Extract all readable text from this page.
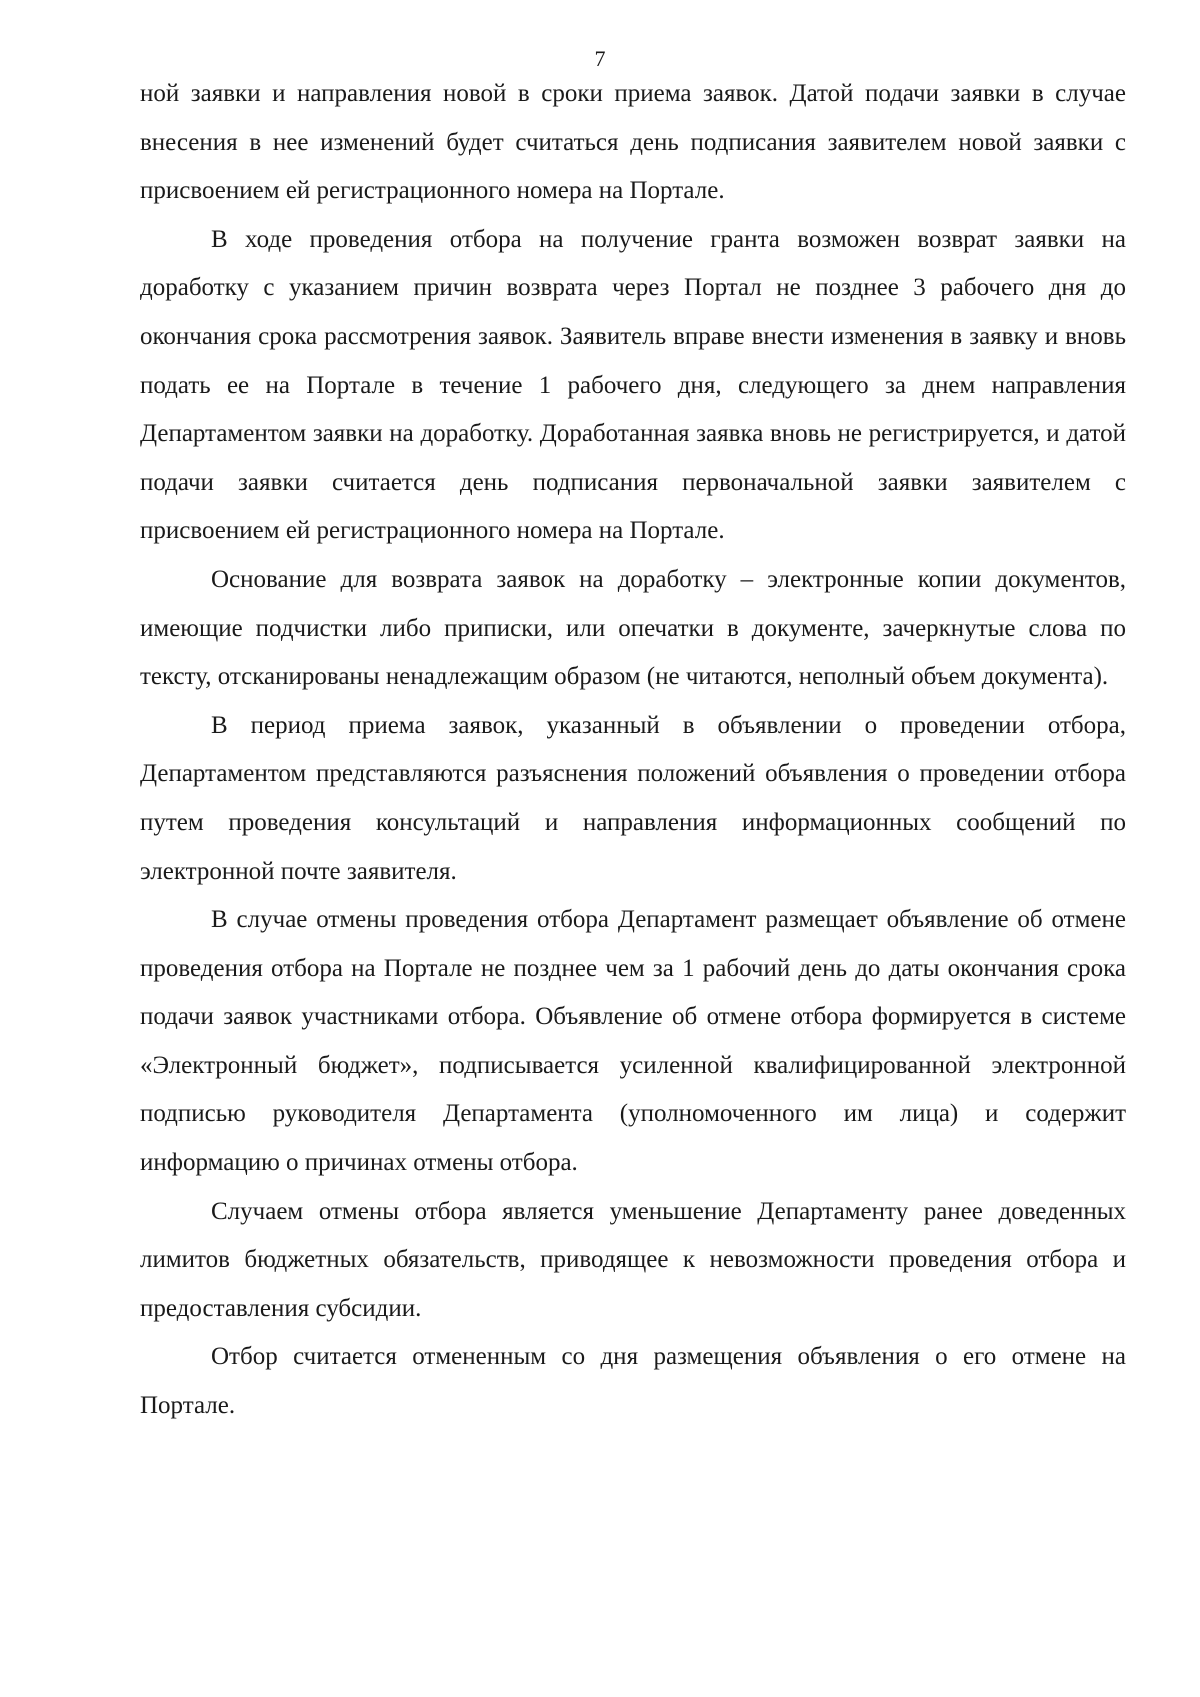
7

ной заявки и направления новой в сроки приема заявок. Датой подачи заявки в случае внесения в нее изменений будет считаться день подписания заявителем новой заявки с присвоением ей регистрационного номера на Портале.

В ходе проведения отбора на получение гранта возможен возврат заявки на доработку с указанием причин возврата через Портал не позднее 3 рабочего дня до окончания срока рассмотрения заявок. Заявитель вправе внести изменения в заявку и вновь подать ее на Портале в течение 1 рабочего дня, следующего за днем направления Департаментом заявки на доработку. Доработанная заявка вновь не регистрируется, и датой подачи заявки считается день подписания первоначальной заявки заявителем с присвоением ей регистрационного номера на Портале.

Основание для возврата заявок на доработку – электронные копии документов, имеющие подчистки либо приписки, или опечатки в документе, зачеркнутые слова по тексту, отсканированы ненадлежащим образом (не читаются, неполный объем документа).

В период приема заявок, указанный в объявлении о проведении отбора, Департаментом представляются разъяснения положений объявления о проведении отбора путем проведения консультаций и направления информационных сообщений по электронной почте заявителя.

В случае отмены проведения отбора Департамент размещает объявление об отмене проведения отбора на Портале не позднее чем за 1 рабочий день до даты окончания срока подачи заявок участниками отбора. Объявление об отмене отбора формируется в системе «Электронный бюджет», подписывается усиленной квалифицированной электронной подписью руководителя Департамента (уполномоченного им лица) и содержит информацию о причинах отмены отбора.

Случаем отмены отбора является уменьшение Департаменту ранее доведенных лимитов бюджетных обязательств, приводящее к невозможности проведения отбора и предоставления субсидии.

Отбор считается отмененным со дня размещения объявления о его отмене на Портале.
